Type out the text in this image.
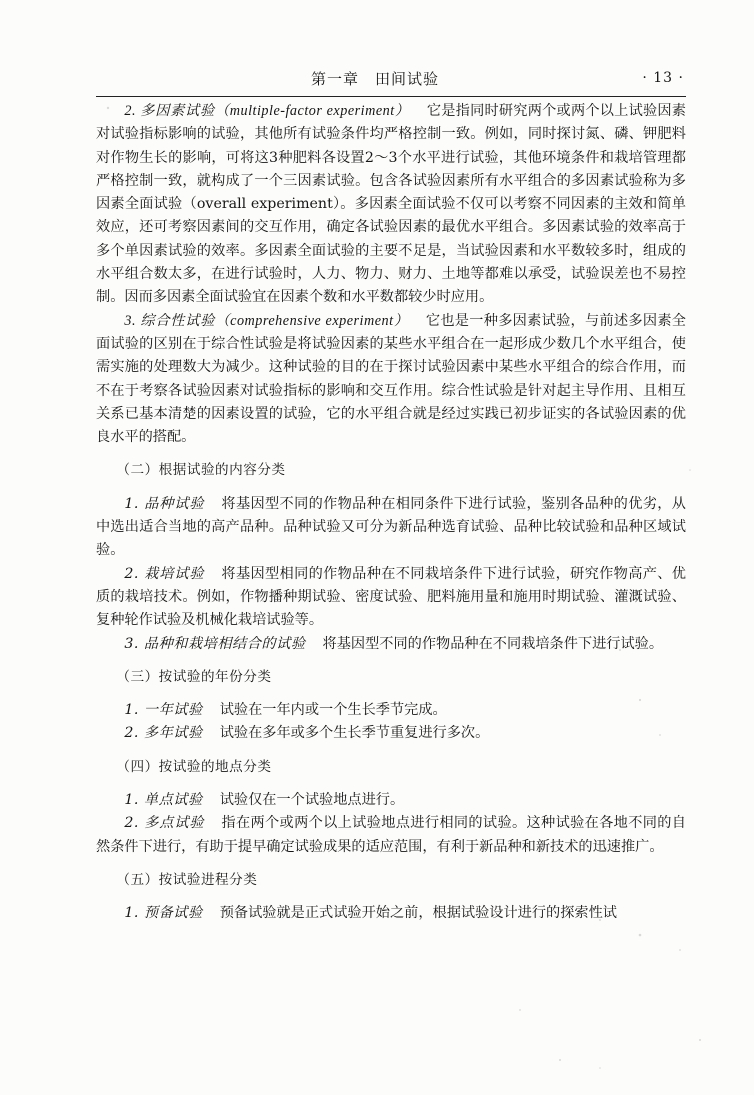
第一章　田间试验	· 13 ·

2. 多因素试验（multiple-factor experiment） 它是指同时研究两个或两个以上试验因素对试验指标影响的试验，其他所有试验条件均严格控制一致。例如，同时探讨氮、磷、钾肥料对作物生长的影响，可将这3种肥料各设置2～3个水平进行试验，其他环境条件和栽培管理都严格控制一致，就构成了一个三因素试验。包含各试验因素所有水平组合的多因素试验称为多因素全面试验（overall experiment）。多因素全面试验不仅可以考察不同因素的主效和简单效应，还可考察因素间的交互作用，确定各试验因素的最优水平组合。多因素试验的效率高于多个单因素试验的效率。多因素全面试验的主要不足是，当试验因素和水平数较多时，组成的水平组合数太多，在进行试验时，人力、物力、财力、土地等都难以承受，试验误差也不易控制。因而多因素全面试验宜在因素个数和水平数都较少时应用。

3. 综合性试验（comprehensive experiment） 它也是一种多因素试验，与前述多因素全面试验的区别在于综合性试验是将试验因素的某些水平组合在一起形成少数几个水平组合，使需实施的处理数大为减少。这种试验的目的在于探讨试验因素中某些水平组合的综合作用，而不在于考察各试验因素对试验指标的影响和交互作用。综合性试验是针对起主导作用、且相互关系已基本清楚的因素设置的试验，它的水平组合就是经过实践已初步证实的各试验因素的优良水平的搭配。

（二）根据试验的内容分类

1. 品种试验 将基因型不同的作物品种在相同条件下进行试验，鉴别各品种的优劣，从中选出适合当地的高产品种。品种试验又可分为新品种选育试验、品种比较试验和品种区域试验。

2. 栽培试验 将基因型相同的作物品种在不同栽培条件下进行试验，研究作物高产、优质的栽培技术。例如，作物播种期试验、密度试验、肥料施用量和施用时期试验、灌溉试验、复种轮作试验及机械化栽培试验等。

3. 品种和栽培相结合的试验 将基因型不同的作物品种在不同栽培条件下进行试验。

（三）按试验的年份分类

1. 一年试验 试验在一年内或一个生长季节完成。

2. 多年试验 试验在多年或多个生长季节重复进行多次。

（四）按试验的地点分类

1. 单点试验 试验仅在一个试验地点进行。

2. 多点试验 指在两个或两个以上试验地点进行相同的试验。这种试验在各地不同的自然条件下进行，有助于提早确定试验成果的适应范围，有利于新品种和新技术的迅速推广。

（五）按试验进程分类

1. 预备试验 预备试验就是正式试验开始之前，根据试验设计进行的探索性试
